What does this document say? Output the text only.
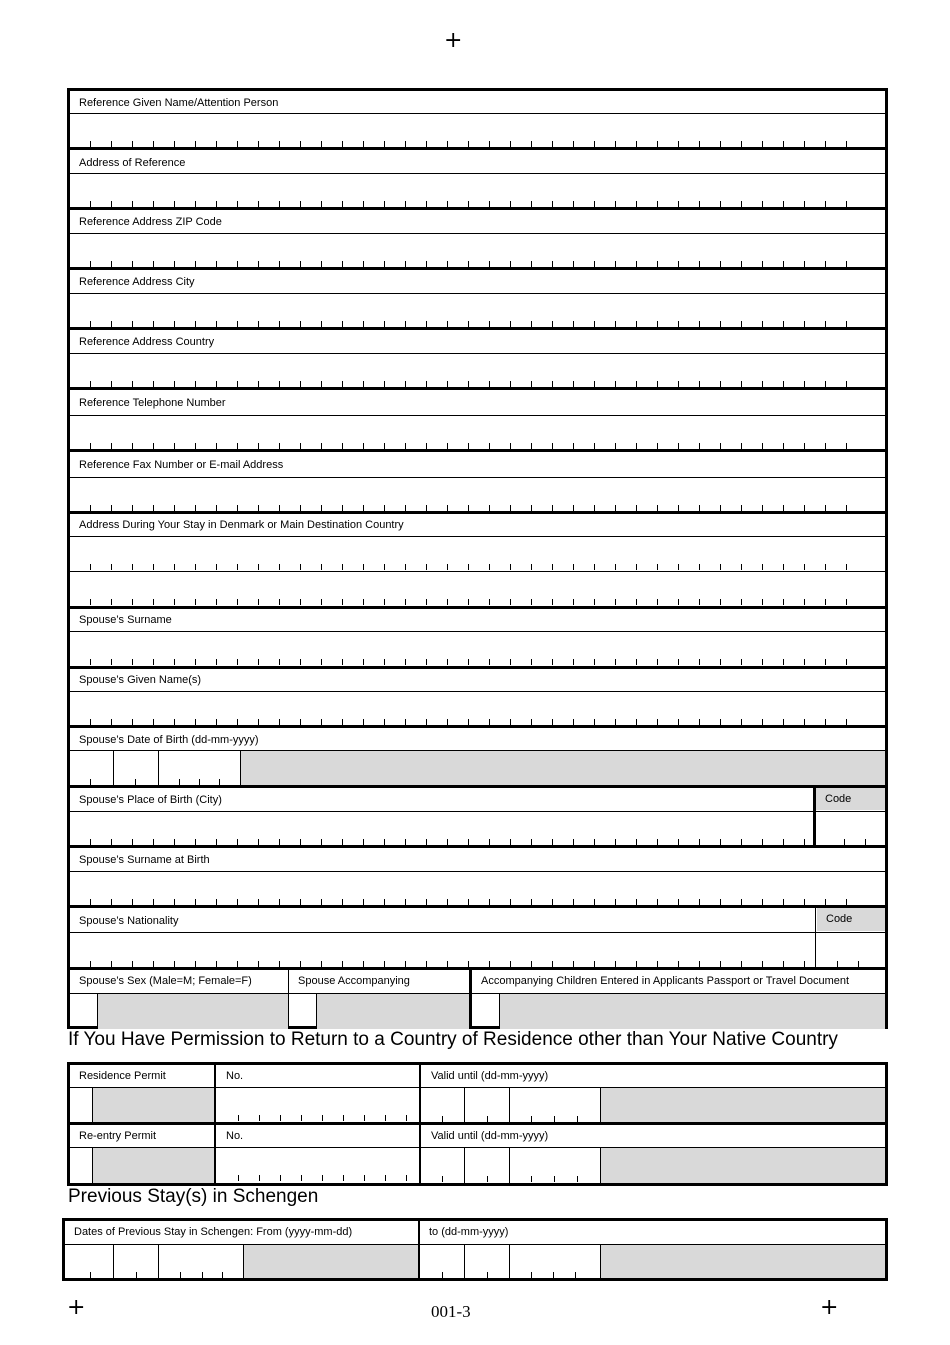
+
+	+
Reference Given Name/Attention Person
Address of Reference
Reference Address ZIP Code
Reference Address City
Reference Address Country
Reference Telephone Number
Reference Fax Number or E-mail Address
Address During Your Stay in Denmark or Main Destination Country
Spouse’s Surname
Spouse’s Given Name(s)
Spouse’s Date of Birth (dd-mm-yyyy)
Spouse’s Place of Birth (City)	Code
Spouse’s Surname at Birth
Spouse’s Nationality	Code
Spouse’s Sex (Male=M; Female=F)	Spouse Accompanying	Accompanying Children Entered in Applicants Passport or Travel Document
If You Have Permission to Return to a Country of Residence other than Your Native Country
Residence Permit	No.	Valid until (dd-mm-yyyy)
Re-entry Permit	No.	Valid until (dd-mm-yyyy)
Previous Stay(s) in Schengen
Dates of Previous Stay in Schengen: From (yyyy-mm-dd)	to (dd-mm-yyyy)
001-3
